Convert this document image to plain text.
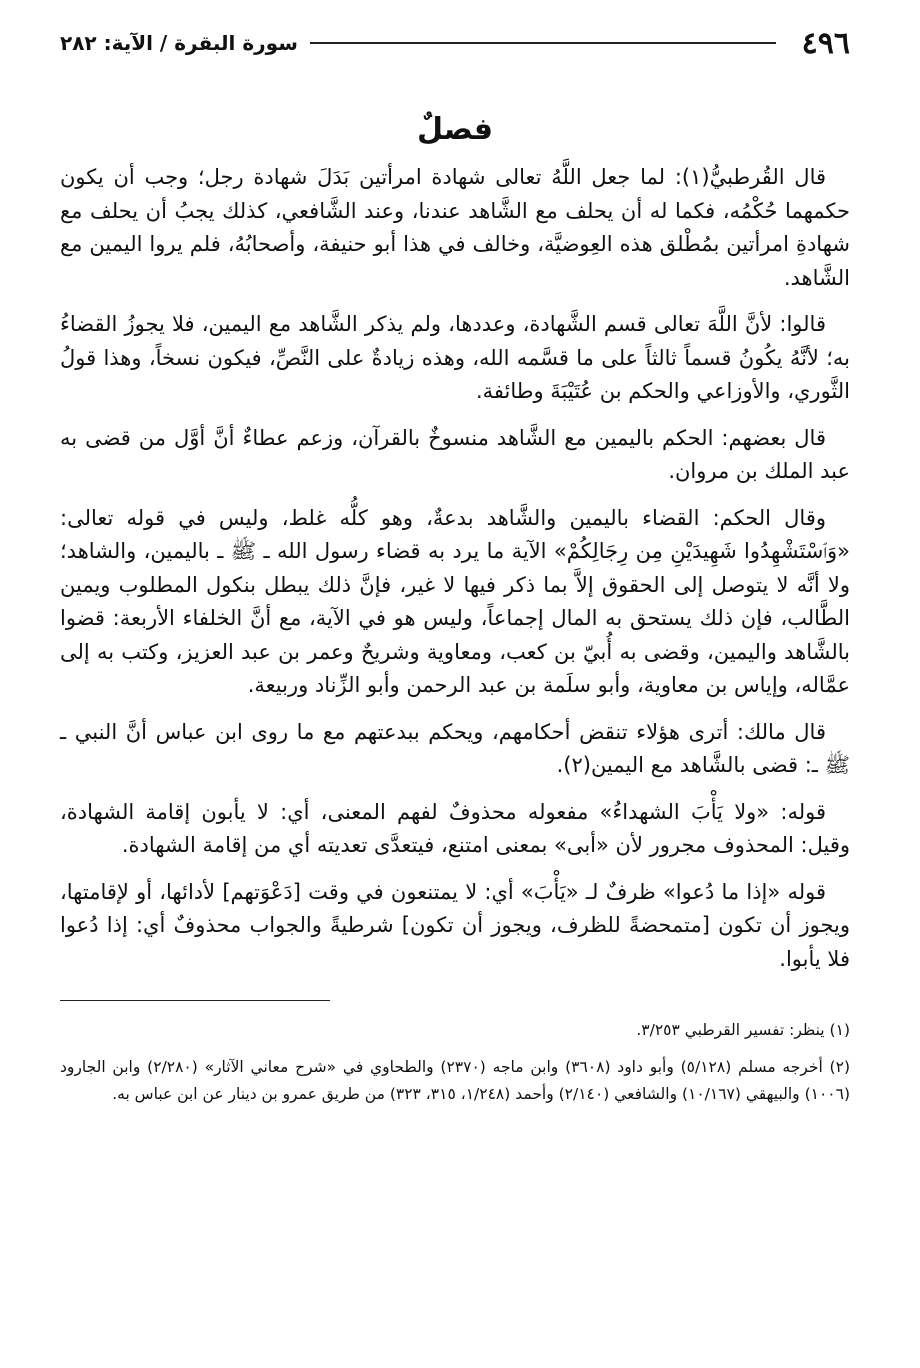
٤٩٦
سورة البقرة / الآية: ٢٨٢
فصلٌ

قال القُرطبيُّ(١): لما جعل اللَّهُ تعالى شهادة امرأتين بَدَلَ شهادة رجل؛ وجب أن يكون حكمهما حُكْمُه، فكما له أن يحلف مع الشَّاهد عندنا، وعند الشَّافعي، كذلك يجبُ أن يحلف مع شهادةِ امرأتين بمُطْلق هذه العِوضيَّة، وخالف في هذا أبو حنيفة، وأصحابُهُ، فلم يروا اليمين مع الشَّاهد.

قالوا: لأنَّ اللَّهَ تعالى قسم الشَّهادة، وعددها، ولم يذكر الشَّاهد مع اليمين، فلا يجوزُ القضاءُ به؛ لأنَّهُ يكُونُ قسماً ثالثاً على ما قسَّمه الله، وهذه زيادةٌ على النَّصِّ، فيكون نسخاً، وهذا قولُ الثَّوري، والأوزاعي والحكم بن عُتَيْبَةَ وطائفة.

قال بعضهم: الحكم باليمين مع الشَّاهد منسوخٌ بالقرآن، وزعم عطاءٌ أنَّ أوَّل من قضى به عبد الملك بن مروان.

وقال الحكم: القضاء باليمين والشَّاهد بدعةٌ، وهو كلُّه غلط، وليس في قوله تعالى: «وَٱسْتَشْهِدُوا شَهِيدَيْنِ مِن رِجَالِكُمْ» الآية ما يرد به قضاء رسول الله ـ ﷺ ـ باليمين، والشاهد؛ ولا أنَّه لا يتوصل إلى الحقوق إلاَّ بما ذكر فيها لا غير، فإنَّ ذلك يبطل بنكول المطلوب ويمين الطَّالب، فإن ذلك يستحق به المال إجماعاً، وليس هو في الآية، مع أنَّ الخلفاء الأربعة: قضوا بالشَّاهد واليمين، وقضى به أُبيّ بن كعب، ومعاوية وشريحٌ وعمر بن عبد العزيز، وكتب به إلى عمَّاله، وإياس بن معاوية، وأبو سلَمة بن عبد الرحمن وأبو الزِّناد وربيعة.

قال مالك: أترى هؤلاء تنقض أحكامهم، ويحكم ببدعتهم مع ما روى ابن عباس أنَّ النبي ـ ﷺ ـ: قضى بالشَّاهد مع اليمين(٢).

قوله: «ولا يَأْبَ الشهداءُ» مفعوله محذوفٌ لفهم المعنى، أي: لا يأبون إقامة الشهادة، وقيل: المحذوف مجرور لأن «أبى» بمعنى امتنع، فيتعدَّى تعديته أي من إقامة الشهادة.

قوله «إذا ما دُعوا» ظرفٌ لـ «يَأْبَ» أي: لا يمتنعون في وقت [دَعْوَتهم] لأدائها، أو لإقامتها، ويجوز أن تكون [متمحضةً للظرف، ويجوز أن تكون] شرطيةً والجواب محذوفٌ أي: إذا دُعوا فلا يأبوا.

(١) ينظر: تفسير القرطبي ٣/٢٥٣.

(٢) أخرجه مسلم (٥/١٢٨) وأبو داود (٣٦٠٨) وابن ماجه (٢٣٧٠) والطحاوي في «شرح معاني الآثار» (٢/٢٨٠) وابن الجارود (١٠٠٦) والبيهقي (١٠/١٦٧) والشافعي (٢/١٤٠) وأحمد (١/٢٤٨، ٣١٥، ٣٢٣) من طريق عمرو بن دينار عن ابن عباس به.
